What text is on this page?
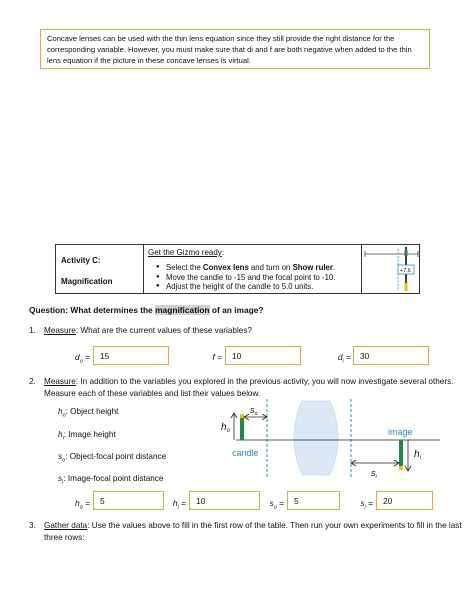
Concave lenses can be used with the thin lens equation since they still provide the right distance for the corresponding variable. However, you must make sure that di and f are both negative when added to the thin lens equation if the picture in these concave lenses is virtual.
Activity C:
Magnification
Get the Gizmo ready:
● Select the Convex lens and turn on Show ruler.
● Move the candle to -15 and the focal point to -10.
● Adjust the height of the candle to 5.0 units.
+7.6
Question: What determines the magnification of an image?
1. Measure: What are the current values of these variables?
$d_o$ =	15	f =	10	$d_i$ =	30
2. Measure: In addition to the variables you explored in the previous activity, you will now investigate several others. Measure each of these variables and list their values below.
$h_o$: Object height
$h_i$: Image height
$s_o$: Object-focal point distance
$s_i$: Image-focal point distance
$h_o$
$s_o$
candle
image
$h_i$
$s_i$
$h_o$ =	5	$h_i$ =	10	$s_o$ =	5	$s_i$ =	20
3. Gather data: Use the values above to fill in the first row of the table. Then run your own experiments to fill in the last three rows:
